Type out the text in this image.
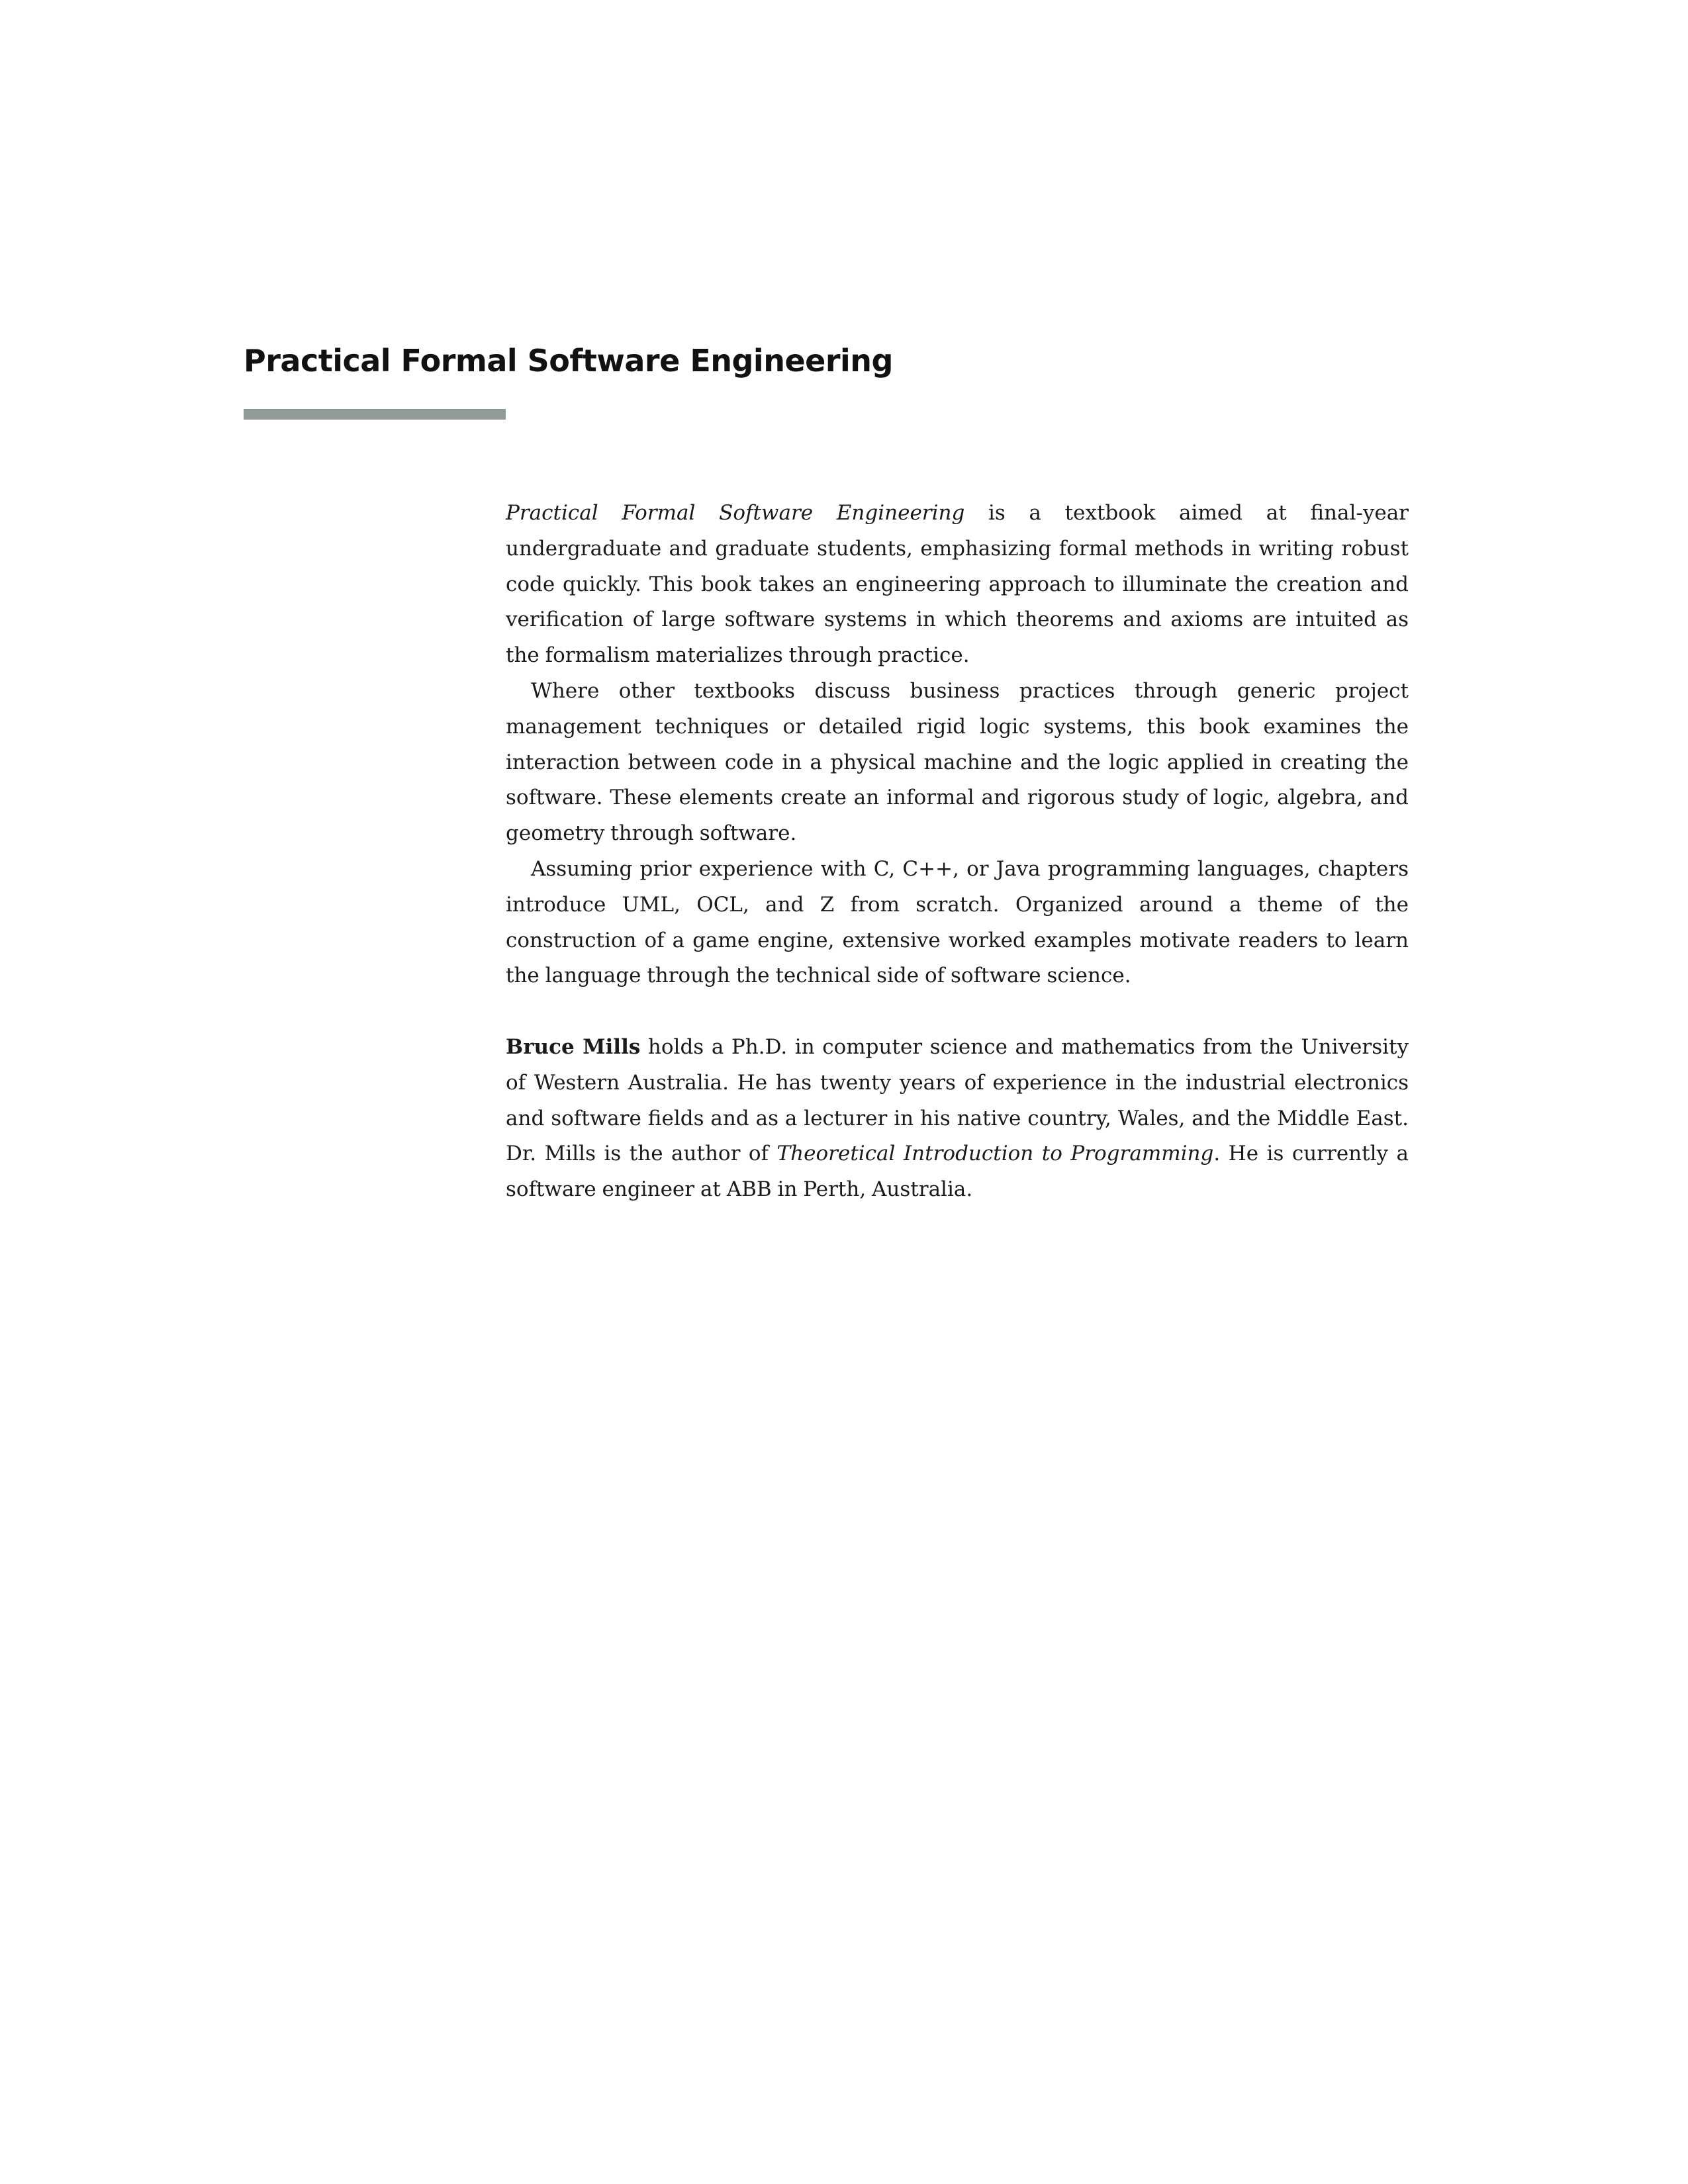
Practical Formal Software Engineering

Practical Formal Software Engineering is a textbook aimed at final-year undergraduate and graduate students, emphasizing formal methods in writing robust code quickly. This book takes an engineering approach to illuminate the creation and verification of large software systems in which theorems and axioms are intuited as the formalism materializes through practice.

Where other textbooks discuss business practices through generic project management techniques or detailed rigid logic systems, this book examines the interaction between code in a physical machine and the logic applied in creating the software. These elements create an informal and rigorous study of logic, algebra, and geometry through software.

Assuming prior experience with C, C++, or Java programming languages, chapters introduce UML, OCL, and Z from scratch. Organized around a theme of the construction of a game engine, extensive worked examples motivate readers to learn the language through the technical side of software science.

Bruce Mills holds a Ph.D. in computer science and mathematics from the University of Western Australia. He has twenty years of experience in the industrial electronics and software fields and as a lecturer in his native country, Wales, and the Middle East. Dr. Mills is the author of Theoretical Introduction to Programming. He is currently a software engineer at ABB in Perth, Australia.
